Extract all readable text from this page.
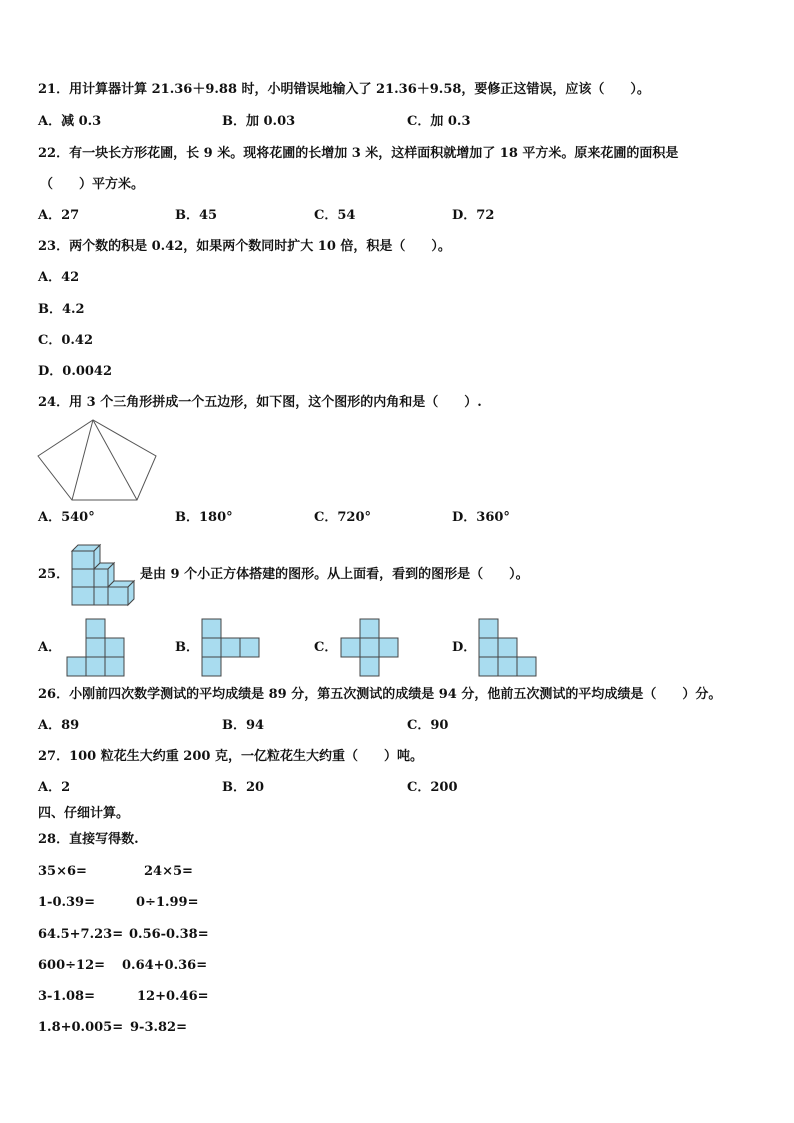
21．用计算器计算 21.36＋9.88 时，小明错误地输入了 21.36＋9.58，要修正这错误，应该（　　）。
A．减 0.3	B．加 0.03	C．加 0.3
22．有一块长方形花圃，长 9 米。现将花圃的长增加 3 米，这样面积就增加了 18 平方米。原来花圃的面积是
（　　）平方米。
A．27	B．45	C．54	D．72
23．两个数的积是 0.42，如果两个数同时扩大 10 倍，积是（　　）。
A．42
B．4.2
C．0.42
D．0.0042
24．用 3 个三角形拼成一个五边形，如下图，这个图形的内角和是（　　）.
A．540°	B．180°	C．720°	D．360°
25．	是由 9 个小正方体搭建的图形。从上面看，看到的图形是（　　）。
A．	B．	C．	D．
26．小刚前四次数学测试的平均成绩是 89 分，第五次测试的成绩是 94 分，他前五次测试的平均成绩是（　　）分。
A．89	B．94	C．90
27．100 粒花生大约重 200 克，一亿粒花生大约重（　　）吨。
A．2	B．20	C．200
四、仔细计算。
28．直接写得数.
35×6=	24×5=
1-0.39=	0÷1.99=
64.5+7.23= 0.56-0.38=
600÷12= 0.64+0.36=
3-1.08=	12+0.46=
1.8+0.005= 9-3.82=
